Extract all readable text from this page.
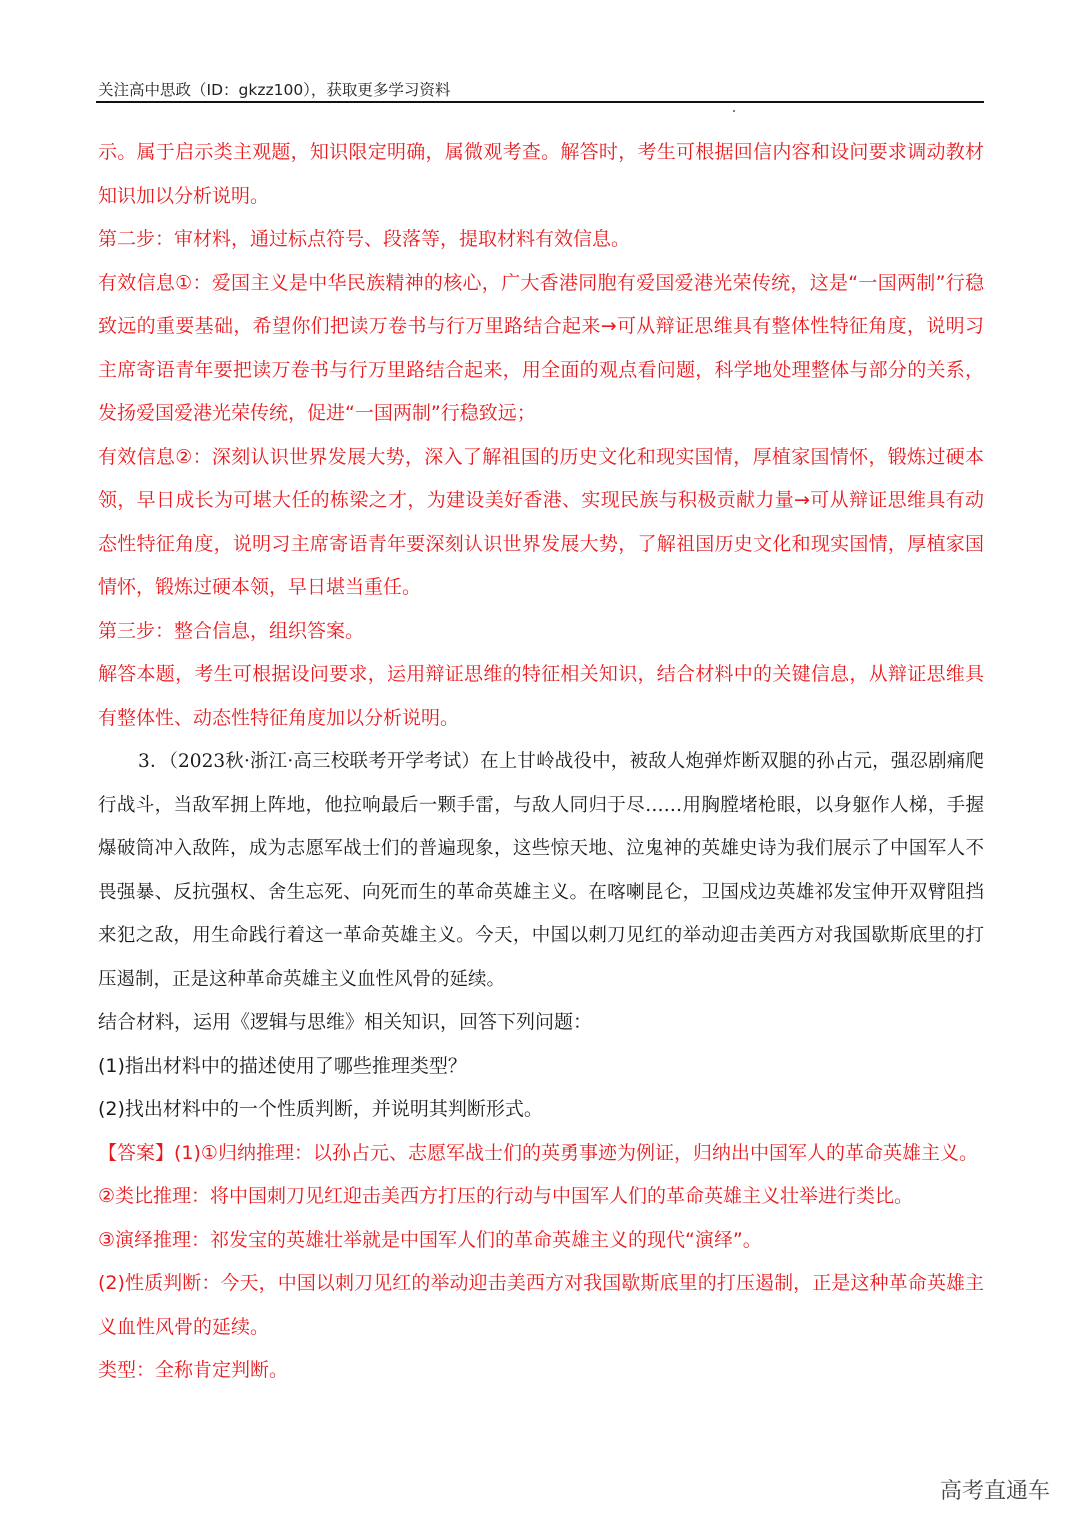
关注高中思政（ID：gkzz100），获取更多学习资料

示。属于启示类主观题，知识限定明确，属微观考查。解答时，考生可根据回信内容和设问要求调动教材知识加以分析说明。

第二步：审材料，通过标点符号、段落等，提取材料有效信息。

有效信息①：爱国主义是中华民族精神的核心，广大香港同胞有爱国爱港光荣传统，这是“一国两制”行稳致远的重要基础，希望你们把读万卷书与行万里路结合起来→可从辩证思维具有整体性特征角度，说明习主席寄语青年要把读万卷书与行万里路结合起来，用全面的观点看问题，科学地处理整体与部分的关系，发扬爱国爱港光荣传统，促进“一国两制”行稳致远；

有效信息②：深刻认识世界发展大势，深入了解祖国的历史文化和现实国情，厚植家国情怀，锻炼过硬本领，早日成长为可堪大任的栋梁之才，为建设美好香港、实现民族与积极贡献力量→可从辩证思维具有动态性特征角度，说明习主席寄语青年要深刻认识世界发展大势，了解祖国历史文化和现实国情，厚植家国情怀，锻炼过硬本领，早日堪当重任。

第三步：整合信息，组织答案。

解答本题，考生可根据设问要求，运用辩证思维的特征相关知识，结合材料中的关键信息，从辩证思维具有整体性、动态性特征角度加以分析说明。

3．（2023秋·浙江·高三校联考开学考试）在上甘岭战役中，被敌人炮弹炸断双腿的孙占元，强忍剧痛爬行战斗，当敌军拥上阵地，他拉响最后一颗手雷，与敌人同归于尽……用胸膛堵枪眼，以身躯作人梯，手握爆破筒冲入敌阵，成为志愿军战士们的普遍现象，这些惊天地、泣鬼神的英雄史诗为我们展示了中国军人不畏强暴、反抗强权、舍生忘死、向死而生的革命英雄主义。在喀喇昆仑，卫国戍边英雄祁发宝伸开双臂阻挡来犯之敌，用生命践行着这一革命英雄主义。今天，中国以刺刀见红的举动迎击美西方对我国歇斯底里的打压遏制，正是这种革命英雄主义血性风骨的延续。

结合材料，运用《逻辑与思维》相关知识，回答下列问题：

(1)指出材料中的描述使用了哪些推理类型？

(2)找出材料中的一个性质判断，并说明其判断形式。

【答案】(1)①归纳推理：以孙占元、志愿军战士们的英勇事迹为例证，归纳出中国军人的革命英雄主义。

②类比推理：将中国刺刀见红迎击美西方打压的行动与中国军人们的革命英雄主义壮举进行类比。

③演绎推理：祁发宝的英雄壮举就是中国军人们的革命英雄主义的现代“演绎”。

(2)性质判断：今天，中国以刺刀见红的举动迎击美西方对我国歇斯底里的打压遏制，正是这种革命英雄主义血性风骨的延续。

类型：全称肯定判断。

高考直通车
